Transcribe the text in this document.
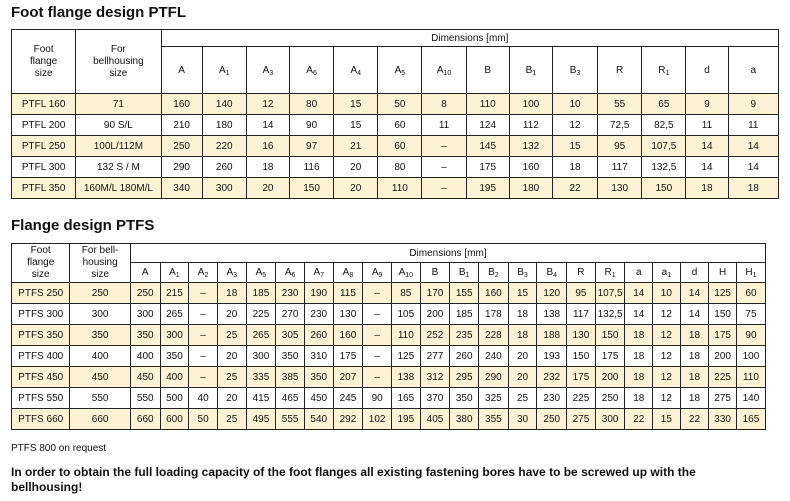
Foot flange design PTFL
Foot flange size	For bellhousing size	Dimensions [mm]													
		A	$A_1$	$A_3$	$A_6$	$A_4$	$A_5$	$A_{10}$	B	$B_1$	$B_3$	R	$R_1$	d	a
PTFL 160	71	160	140	12	80	15	50	8	110	100	10	55	65	9	9
PTFL 200	90 S/L	210	180	14	90	15	60	11	124	112	12	72,5	82,5	11	11
PTFL 250	100L/112M	250	220	16	97	21	60	–	145	132	15	95	107,5	14	14
PTFL 300	132 S / M	290	260	18	116	20	80	–	175	160	18	117	132,5	14	14
PTFL 350	160M/L 180M/L	340	300	20	150	20	110	–	195	180	22	130	150	18	18
Flange design PTFS
Foot flange size	For bell-housing size	Dimensions [mm]																					
		A	$A_1$	$A_2$	$A_3$	$A_5$	$A_6$	$A_7$	$A_8$	$A_9$	$A_{10}$	B	$B_1$	$B_2$	$B_3$	$B_4$	R	$R_1$	a	$a_1$	d	H	$H_1$
PTFS 250	250	250	215	–	18	185	230	190	115	–	85	170	155	160	15	120	95	107,5	14	10	14	125	60
PTFS 300	300	300	265	–	20	225	270	230	130	–	105	200	185	178	18	138	117	132,5	14	12	14	150	75
PTFS 350	350	350	300	–	25	265	305	260	160	–	110	252	235	228	18	188	130	150	18	12	18	175	90
PTFS 400	400	400	350	–	20	300	350	310	175	–	125	277	260	240	20	193	150	175	18	12	18	200	100
PTFS 450	450	450	400	–	25	335	385	350	207	–	138	312	295	290	20	232	175	200	18	12	18	225	110
PTFS 550	550	550	500	40	20	415	465	450	245	90	165	370	350	325	25	230	225	250	18	12	18	275	140
PTFS 660	660	660	600	50	25	495	555	540	292	102	195	405	380	355	30	250	275	300	22	15	22	330	165
PTFS 800 on request
In order to obtain the full loading capacity of the foot flanges all existing fastening bores have to be screwed up with the bellhousing!
